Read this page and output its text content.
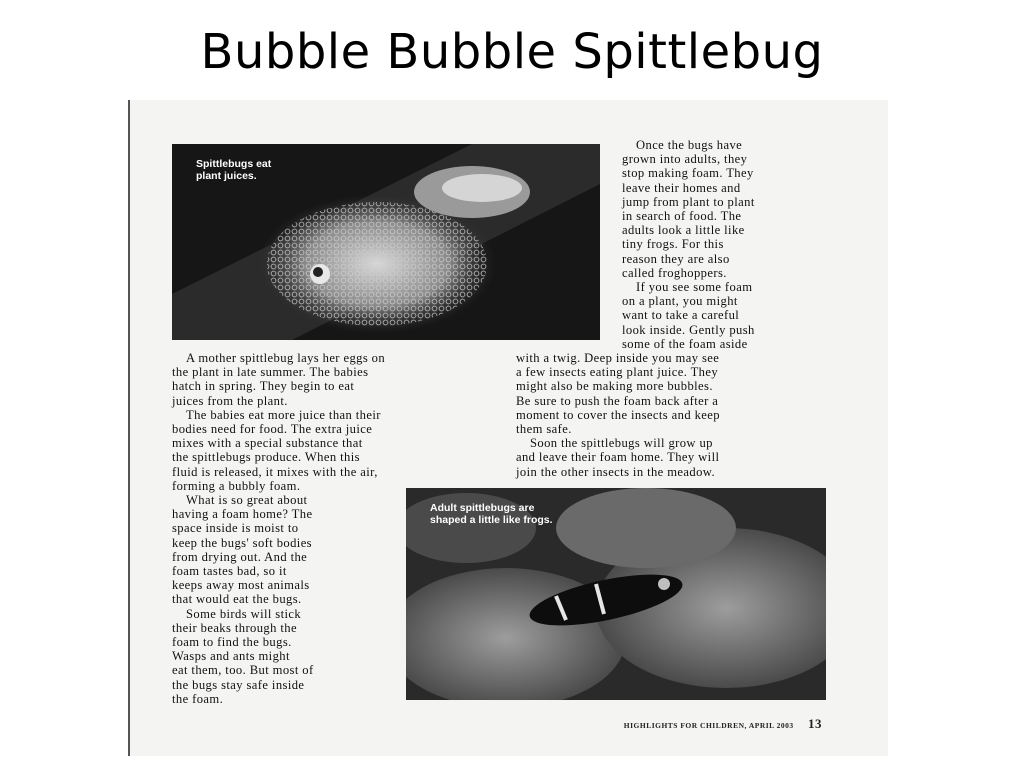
Bubble Bubble Spittlebug
Spittlebugs eat
plant juices.

Once the bugs have
grown into adults, they
stop making foam. They
leave their homes and
jump from plant to plant
in search of food. The
adults look a little like
tiny frogs. For this
reason they are also
called froghoppers.

If you see some foam
on a plant, you might
want to take a careful
look inside. Gently push
some of the foam aside

A mother spittlebug lays her eggs on
the plant in late summer. The babies
hatch in spring. They begin to eat
juices from the plant.

The babies eat more juice than their
bodies need for food. The extra juice
mixes with a special substance that
the spittlebugs produce. When this
fluid is released, it mixes with the air,
forming a bubbly foam.

What is so great about
having a foam home? The
space inside is moist to
keep the bugs' soft bodies
from drying out. And the
foam tastes bad, so it
keeps away most animals
that would eat the bugs.

Some birds will stick
their beaks through the
foam to find the bugs.
Wasps and ants might
eat them, too. But most of
the bugs stay safe inside
the foam.

with a twig. Deep inside you may see
a few insects eating plant juice. They
might also be making more bubbles.
Be sure to push the foam back after a
moment to cover the insects and keep
them safe.

Soon the spittlebugs will grow up
and leave their foam home. They will
join the other insects in the meadow.

Adult spittlebugs are
shaped a little like frogs.
HIGHLIGHTS FOR CHILDREN, APRIL 2003 13
